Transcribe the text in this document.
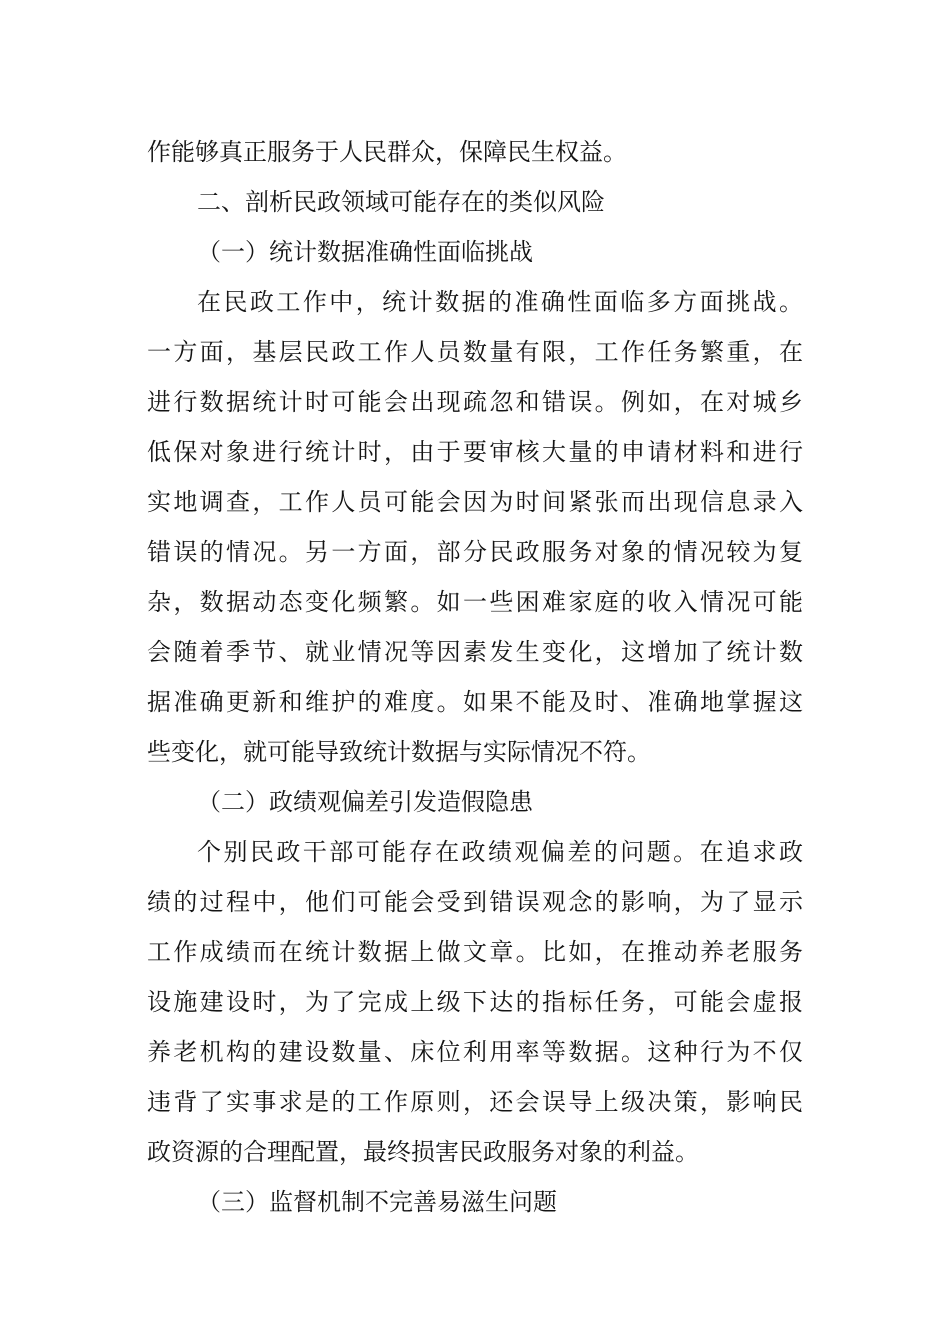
作能够真正服务于人民群众，保障民生权益。
二、剖析民政领域可能存在的类似风险
（一）统计数据准确性面临挑战
在民政工作中，统计数据的准确性面临多方面挑战。
一方面，基层民政工作人员数量有限，工作任务繁重，在
进行数据统计时可能会出现疏忽和错误。例如，在对城乡
低保对象进行统计时，由于要审核大量的申请材料和进行
实地调查，工作人员可能会因为时间紧张而出现信息录入
错误的情况。另一方面，部分民政服务对象的情况较为复
杂，数据动态变化频繁。如一些困难家庭的收入情况可能
会随着季节、就业情况等因素发生变化，这增加了统计数
据准确更新和维护的难度。如果不能及时、准确地掌握这
些变化，就可能导致统计数据与实际情况不符。
（二）政绩观偏差引发造假隐患
个别民政干部可能存在政绩观偏差的问题。在追求政
绩的过程中，他们可能会受到错误观念的影响，为了显示
工作成绩而在统计数据上做文章。比如，在推动养老服务
设施建设时，为了完成上级下达的指标任务，可能会虚报
养老机构的建设数量、床位利用率等数据。这种行为不仅
违背了实事求是的工作原则，还会误导上级决策，影响民
政资源的合理配置，最终损害民政服务对象的利益。
（三）监督机制不完善易滋生问题
